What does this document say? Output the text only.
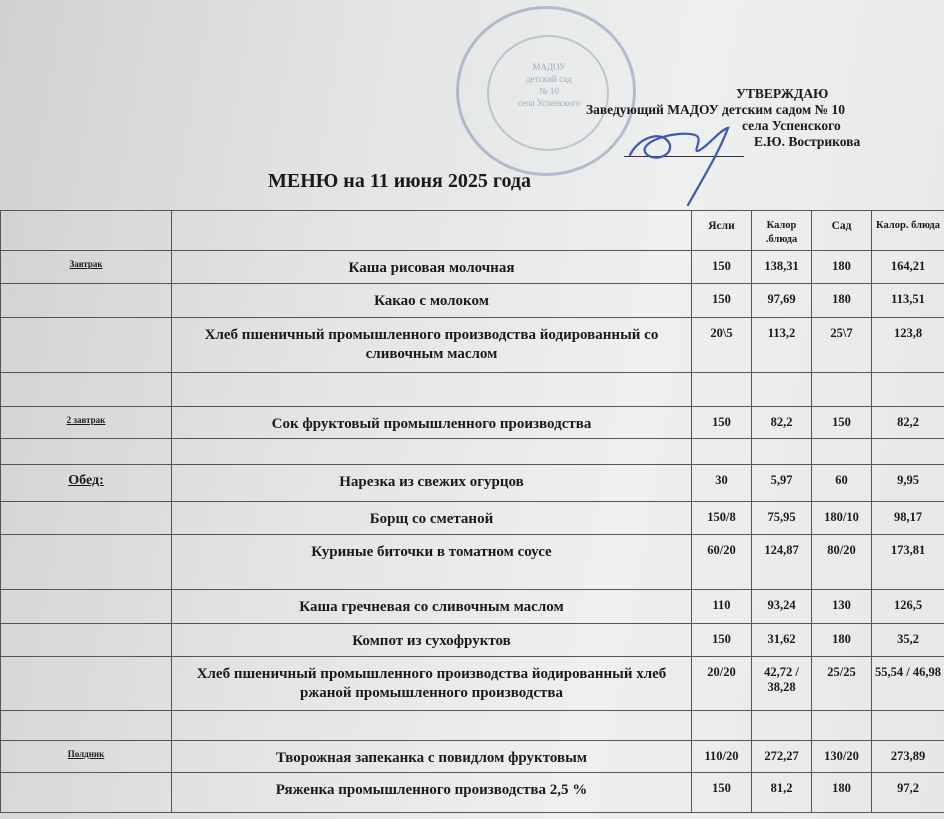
МАДОУ
детский сад
№ 10
села Успенского
УТВЕРЖДАЮ
Заведующий МАДОУ детским садом № 10
села Успенского
Е.Ю. Вострикова
МЕНЮ на 11 июня 2025 года
		Ясли	Калор .блюда	Сад	Калор. блюда
Завтрак	Каша рисовая молочная	150	138,31	180	164,21
	Какао с молоком	150	97,69	180	113,51
	Хлеб пшеничный промышленного производства йодированный со сливочным маслом	20\5	113,2	25\7	123,8

2 завтрак	Сок фруктовый промышленного производства	150	82,2	150	82,2

Обед:	Нарезка из свежих огурцов	30	5,97	60	9,95
	Борщ со сметаной	150/8	75,95	180/10	98,17
	Куриные биточки в томатном соусе	60/20	124,87	80/20	173,81
	Каша гречневая со сливочным маслом	110	93,24	130	126,5
	Компот из сухофруктов	150	31,62	180	35,2
	Хлеб пшеничный промышленного производства йодированный хлеб ржаной промышленного производства	20/20	42,72 / 38,28	25/25	55,54 / 46,98

Полдник	Творожная запеканка с повидлом фруктовым	110/20	272,27	130/20	273,89
	Ряженка промышленного производства 2,5 %	150	81,2	180	97,2
